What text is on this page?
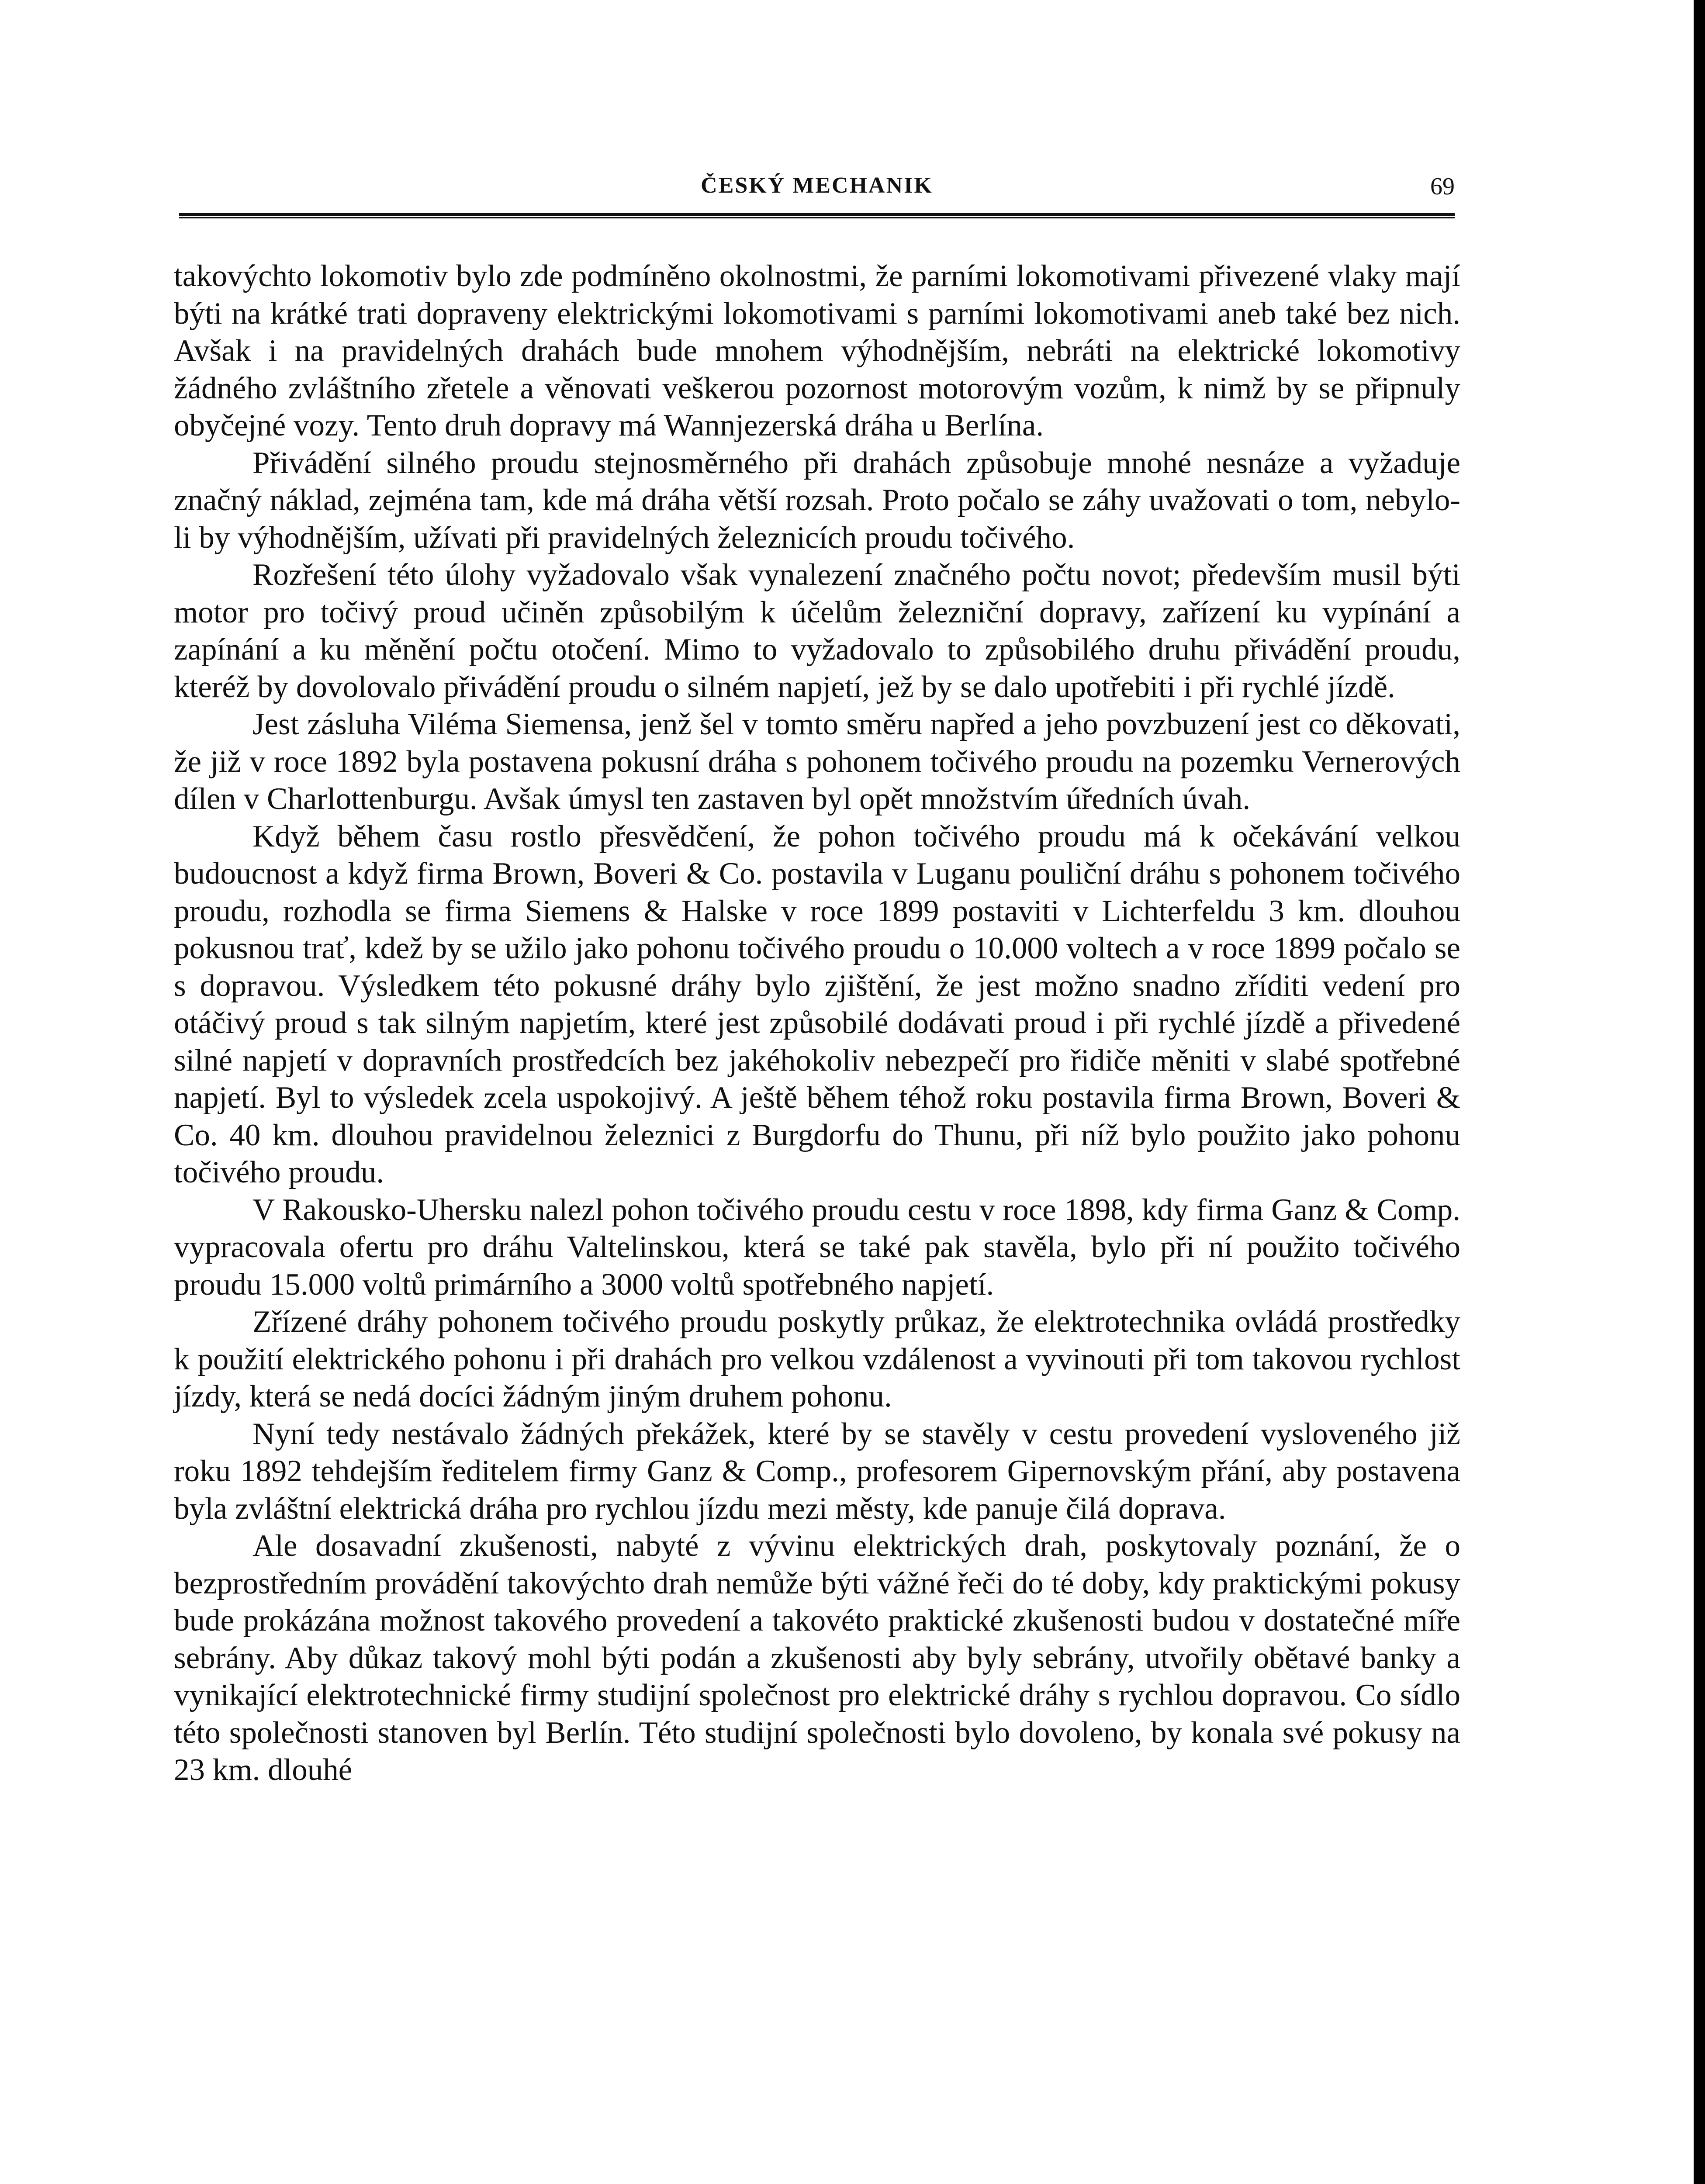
ČESKÝ MECHANIK	69

takovýchto lokomotiv bylo zde podmíněno okolnostmi, že parními lokomotivami přivezené vlaky mají býti na krátké trati dopraveny elektrickými lokomotivami s parními lokomotivami aneb také bez nich. Avšak i na pravidelných drahách bude mnohem výhodnějším, nebráti na elektrické lokomotivy žádného zvláštního zřetele a věnovati veškerou pozornost motorovým vozům, k nimž by se připnuly obyčejné vozy. Tento druh dopravy má Wannjezerská dráha u Berlína.

Přivádění silného proudu stejnosměrného při drahách způsobuje mnohé nesnáze a vyžaduje značný náklad, zejména tam, kde má dráha větší rozsah. Proto počalo se záhy uvažovati o tom, nebylo-li by výhodnějším, užívati při pravidelných železnicích proudu točivého.

Rozřešení této úlohy vyžadovalo však vynalezení značného počtu novot; především musil býti motor pro točivý proud učiněn způsobilým k účelům železniční dopravy, zařízení ku vypínání a zapínání a ku měnění počtu otočení. Mimo to vyžadovalo to způsobilého druhu přivádění proudu, kteréž by dovolovalo přivádění proudu o silném napjetí, jež by se dalo upotřebiti i při rychlé jízdě.

Jest zásluha Viléma Siemensa, jenž šel v tomto směru napřed a jeho povzbuzení jest co děkovati, že již v roce 1892 byla postavena pokusní dráha s pohonem točivého proudu na pozemku Vernerových dílen v Charlottenburgu. Avšak úmysl ten zastaven byl opět množstvím úředních úvah.

Když během času rostlo přesvědčení, že pohon točivého proudu má k očekávání velkou budoucnost a když firma Brown, Boveri & Co. postavila v Luganu pouliční dráhu s pohonem točivého proudu, rozhodla se firma Siemens & Halske v roce 1899 postaviti v Lichterfeldu 3 km. dlouhou pokusnou trať, kdež by se užilo jako pohonu točivého proudu o 10.000 voltech a v roce 1899 počalo se s dopravou. Výsledkem této pokusné dráhy bylo zjištění, že jest možno snadno zříditi vedení pro otáčivý proud s tak silným napjetím, které jest způsobilé dodávati proud i při rychlé jízdě a přivedené silné napjetí v dopravních prostředcích bez jakéhokoliv nebezpečí pro řidiče měniti v slabé spotřebné napjetí. Byl to výsledek zcela uspokojivý. A ještě během téhož roku postavila firma Brown, Boveri & Co. 40 km. dlouhou pravidelnou železnici z Burgdorfu do Thunu, při níž bylo použito jako pohonu točivého proudu.

V Rakousko-Uhersku nalezl pohon točivého proudu cestu v roce 1898, kdy firma Ganz & Comp. vypracovala ofertu pro dráhu Valtelinskou, která se také pak stavěla, bylo při ní použito točivého proudu 15.000 voltů primárního a 3000 voltů spotřebného napjetí.

Zřízené dráhy pohonem točivého proudu poskytly průkaz, že elektrotechnika ovládá prostředky k použití elektrického pohonu i při drahách pro velkou vzdálenost a vyvinouti při tom takovou rychlost jízdy, která se nedá docíci žádným jiným druhem pohonu.

Nyní tedy nestávalo žádných překážek, které by se stavěly v cestu provedení vysloveného již roku 1892 tehdejším ředitelem firmy Ganz & Comp., profesorem Gipernovským přání, aby postavena byla zvláštní elektrická dráha pro rychlou jízdu mezi městy, kde panuje čilá doprava.

Ale dosavadní zkušenosti, nabyté z vývinu elektrických drah, poskytovaly poznání, že o bezprostředním provádění takovýchto drah nemůže býti vážné řeči do té doby, kdy praktickými pokusy bude prokázána možnost takového provedení a takovéto praktické zkušenosti budou v dostatečné míře sebrány. Aby důkaz takový mohl býti podán a zkušenosti aby byly sebrány, utvořily obětavé banky a vynikající elektrotechnické firmy studijní společnost pro elektrické dráhy s rychlou dopravou. Co sídlo této společnosti stanoven byl Berlín. Této studijní společnosti bylo dovoleno, by konala své pokusy na 23 km. dlouhé
